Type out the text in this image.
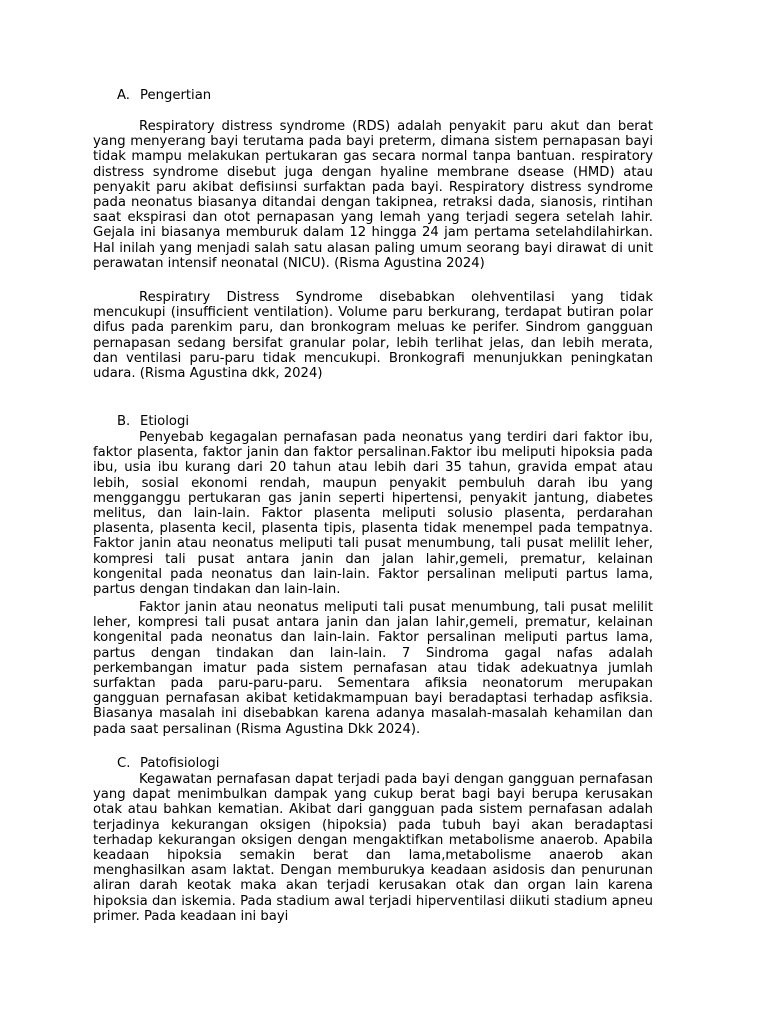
A. Pengertian

Respiratory distress syndrome (RDS) adalah penyakit paru akut dan berat yang menyerang bayi terutama pada bayi preterm, dimana sistem pernapasan bayi tidak mampu melakukan pertukaran gas secara normal tanpa bantuan. respiratory distress syndrome disebut juga dengan hyaline membrane dsease (HMD) atau penyakit paru akibat defisiınsi surfaktan pada bayi. Respiratory distress syndrome pada neonatus biasanya ditandai dengan takipnea, retraksi dada, sianosis, rintihan saat ekspirasi dan otot pernapasan yang lemah yang terjadi segera setelah lahir. Gejala ini biasanya memburuk dalam 12 hingga 24 jam pertama setelahdilahirkan. Hal inilah yang menjadi salah satu alasan paling umum seorang bayi dirawat di unit perawatan intensif neonatal (NICU). (Risma Agustina 2024)

Respiratıry Distress Syndrome disebabkan olehventilasi yang tidak mencukupi (insufficient ventilation). Volume paru berkurang, terdapat butiran polar difus pada parenkim paru, dan bronkogram meluas ke perifer. Sindrom gangguan pernapasan sedang bersifat granular polar, lebih terlihat jelas, dan lebih merata, dan ventilasi paru-paru tidak mencukupi. Bronkografi menunjukkan peningkatan udara. (Risma Agustina dkk, 2024)

B. Etiologi

Penyebab kegagalan pernafasan pada neonatus yang terdiri dari faktor ibu, faktor plasenta, faktor janin dan faktor persalinan.Faktor ibu meliputi hipoksia pada ibu, usia ibu kurang dari 20 tahun atau lebih dari 35 tahun, gravida empat atau lebih, sosial ekonomi rendah, maupun penyakit pembuluh darah ibu yang mengganggu pertukaran gas janin seperti hipertensi, penyakit jantung, diabetes melitus, dan lain-lain. Faktor plasenta meliputi solusio plasenta, perdarahan plasenta, plasenta kecil, plasenta tipis, plasenta tidak menempel pada tempatnya. Faktor janin atau neonatus meliputi tali pusat menumbung, tali pusat melilit leher, kompresi tali pusat antara janin dan jalan lahir,gemeli, prematur, kelainan kongenital pada neonatus dan lain-lain. Faktor persalinan meliputi partus lama, partus dengan tindakan dan lain-lain.

Faktor janin atau neonatus meliputi tali pusat menumbung, tali pusat melilit leher, kompresi tali pusat antara janin dan jalan lahir,gemeli, prematur, kelainan kongenital pada neonatus dan lain-lain. Faktor persalinan meliputi partus lama, partus dengan tindakan dan lain-lain. 7 Sindroma gagal nafas adalah perkembangan imatur pada sistem pernafasan atau tidak adekuatnya jumlah surfaktan pada paru-paru-paru. Sementara afiksia neonatorum merupakan gangguan pernafasan akibat ketidakmampuan bayi beradaptasi terhadap asfiksia. Biasanya masalah ini disebabkan karena adanya masalah-masalah kehamilan dan pada saat persalinan (Risma Agustina Dkk 2024).

C. Patofisiologi

Kegawatan pernafasan dapat terjadi pada bayi dengan gangguan pernafasan yang dapat menimbulkan dampak yang cukup berat bagi bayi berupa kerusakan otak atau bahkan kematian. Akibat dari gangguan pada sistem pernafasan adalah terjadinya kekurangan oksigen (hipoksia) pada tubuh bayi akan beradaptasi terhadap kekurangan oksigen dengan mengaktifkan metabolisme anaerob. Apabila keadaan hipoksia semakin berat dan lama,metabolisme anaerob akan menghasilkan asam laktat. Dengan memburukya keadaan asidosis dan penurunan aliran darah keotak maka akan terjadi kerusakan otak dan organ lain karena hipoksia dan iskemia. Pada stadium awal terjadi hiperventilasi diikuti stadium apneu primer. Pada keadaan ini bayi
